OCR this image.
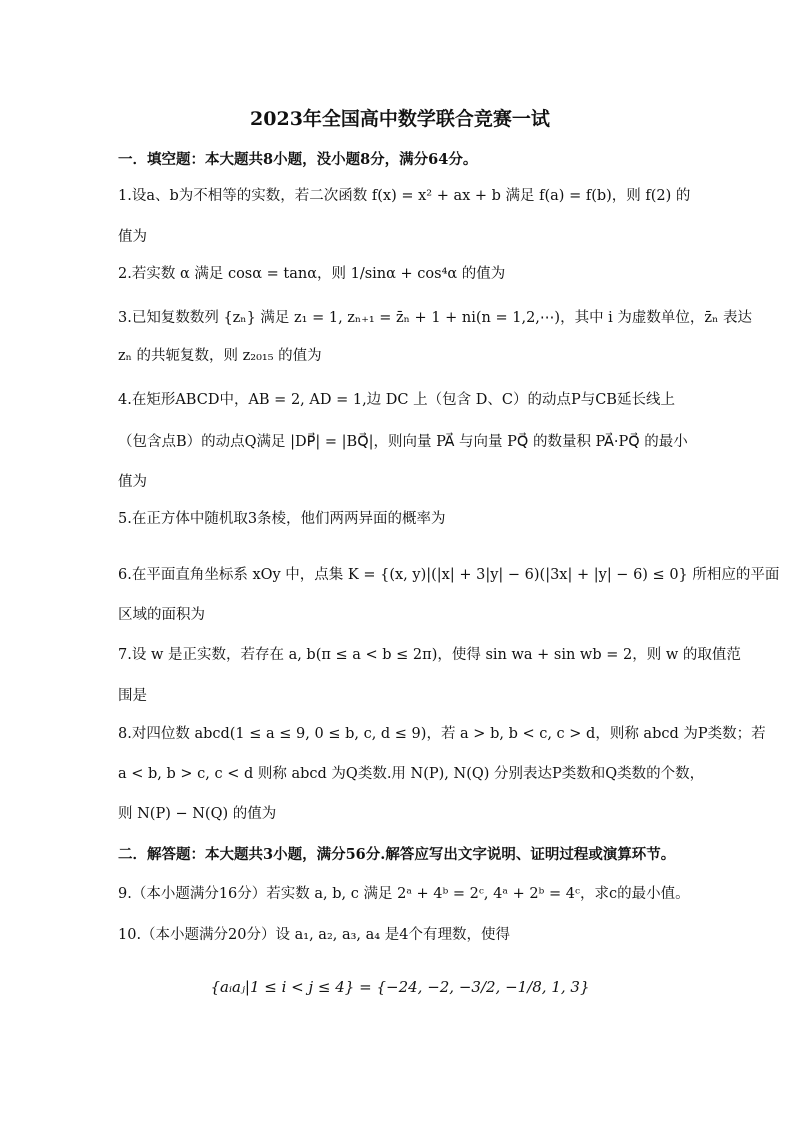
2023年全国高中数学联合竞赛一试
一．填空题：本大题共8小题，没小题8分，满分64分。
1.设a、b为不相等的实数，若二次函数 f(x) = x² + ax + b 满足 f(a) = f(b)，则 f(2) 的
值为
2.若实数 α 满足 cosα = tanα，则 1/sinα + cos⁴α 的值为
3.已知复数数列 {zₙ} 满足 z₁ = 1, zₙ₊₁ = z̄ₙ + 1 + ni(n = 1,2,⋯)，其中 i 为虚数单位，z̄ₙ 表达
zₙ 的共轭复数，则 z₂₀₁₅ 的值为
4.在矩形ABCD中，AB = 2, AD = 1,边 DC 上（包含 D、C）的动点P与CB延长线上
（包含点B）的动点Q满足 |DP⃗| = |BQ⃗|，则向量 PA⃗ 与向量 PQ⃗ 的数量积 PA⃗·PQ⃗ 的最小
值为
5.在正方体中随机取3条棱，他们两两异面的概率为
6.在平面直角坐标系 xOy 中，点集 K = {(x, y)|(|x| + 3|y| − 6)(|3x| + |y| − 6) ≤ 0} 所相应的平面
区域的面积为
7.设 w 是正实数，若存在 a, b(π ≤ a < b ≤ 2π)，使得 sin wa + sin wb = 2，则 w 的取值范
围是
8.对四位数 abcd(1 ≤ a ≤ 9, 0 ≤ b, c, d ≤ 9)，若 a > b, b < c, c > d，则称 abcd 为P类数；若
a < b, b > c, c < d 则称 abcd 为Q类数.用 N(P), N(Q) 分别表达P类数和Q类数的个数，
则 N(P) − N(Q) 的值为
二．解答题：本大题共3小题，满分56分.解答应写出文字说明、证明过程或演算环节。
9.（本小题满分16分）若实数 a, b, c 满足 2ᵃ + 4ᵇ = 2ᶜ, 4ᵃ + 2ᵇ = 4ᶜ，求c的最小值。
10.（本小题满分20分）设 a₁, a₂, a₃, a₄ 是4个有理数，使得
{aᵢaⱼ|1 ≤ i < j ≤ 4} = {−24, −2, −3/2, −1/8, 1, 3}
